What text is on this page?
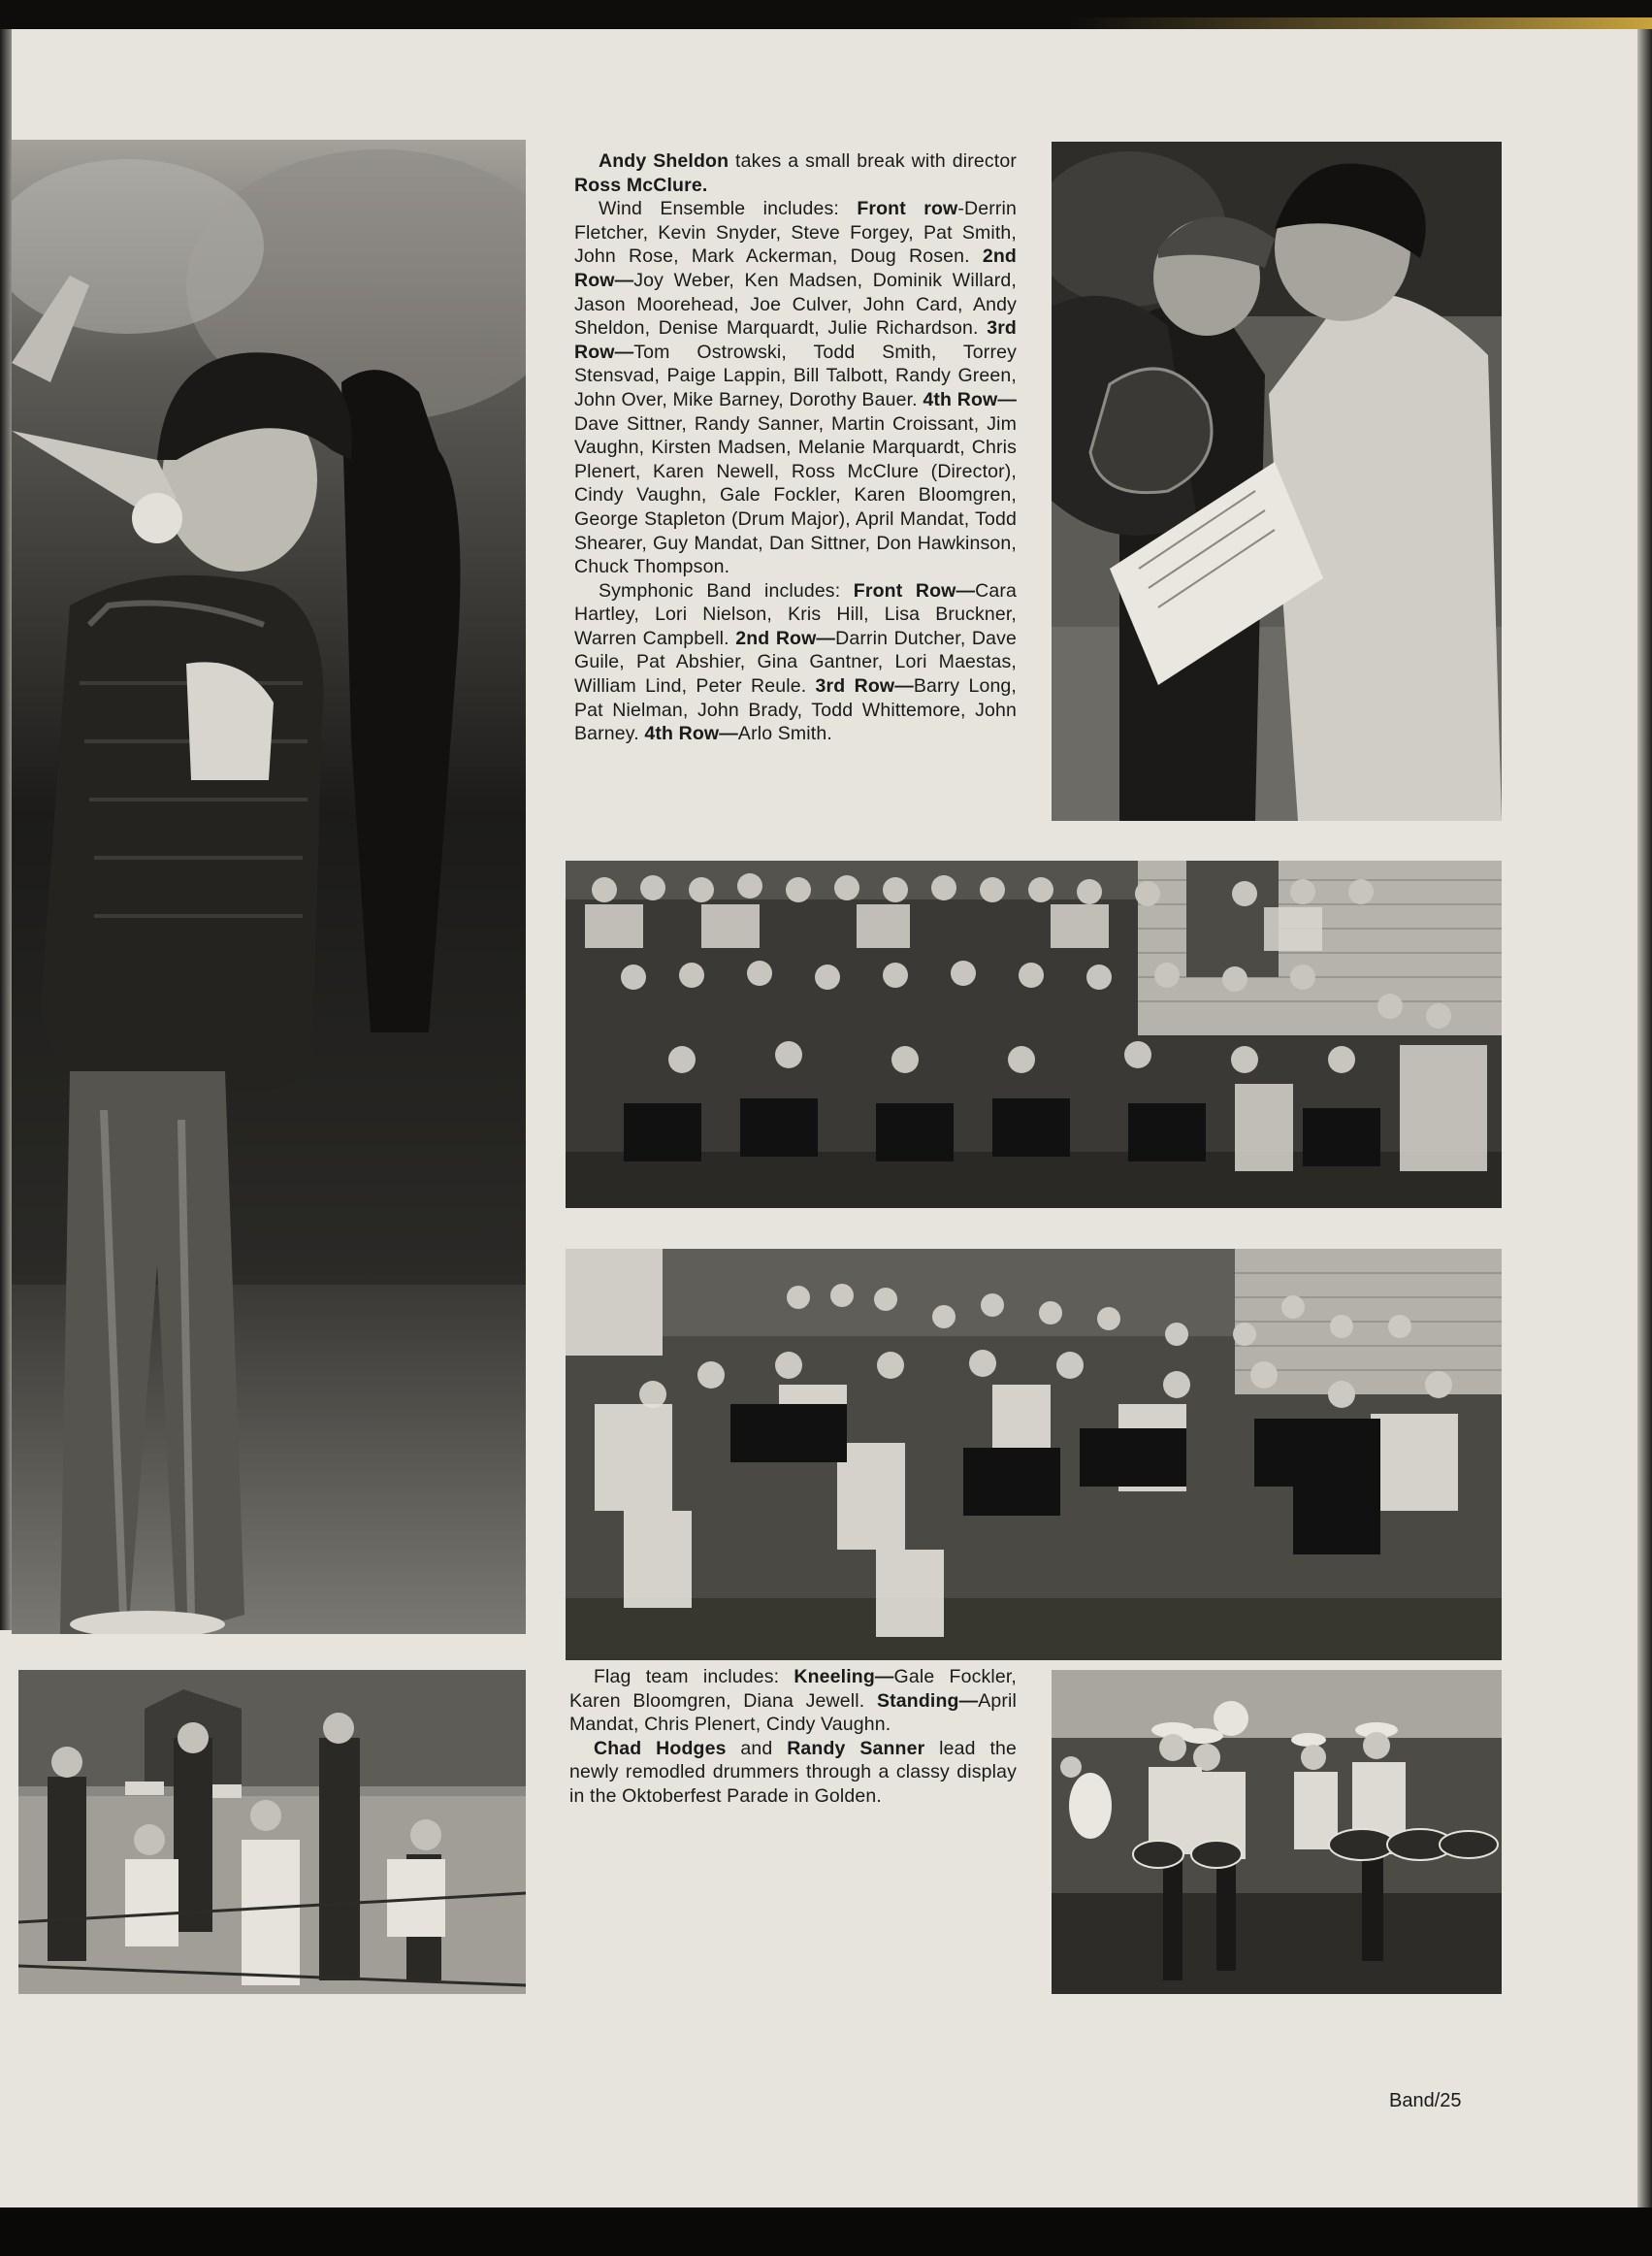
Andy Sheldon takes a small break with director Ross McClure.

Wind Ensemble includes: Front row-Derrin Fletcher, Kevin Snyder, Steve Forgey, Pat Smith, John Rose, Mark Ackerman, Doug Rosen. 2nd Row—Joy Weber, Ken Madsen, Dominik Willard, Jason Moorehead, Joe Culver, John Card, Andy Sheldon, Denise Marquardt, Julie Richardson. 3rd Row—Tom Ostrowski, Todd Smith, Torrey Stensvad, Paige Lappin, Bill Talbott, Randy Green, John Over, Mike Barney, Dorothy Bauer. 4th Row—Dave Sittner, Randy Sanner, Martin Croissant, Jim Vaughn, Kirsten Madsen, Melanie Marquardt, Chris Plenert, Karen Newell, Ross McClure (Director), Cindy Vaughn, Gale Fockler, Karen Bloomgren, George Stapleton (Drum Major), April Mandat, Todd Shearer, Guy Mandat, Dan Sittner, Don Hawkinson, Chuck Thompson.

Symphonic Band includes: Front Row—Cara Hartley, Lori Nielson, Kris Hill, Lisa Bruckner, Warren Campbell. 2nd Row—Darrin Dutcher, Dave Guile, Pat Abshier, Gina Gantner, Lori Maestas, William Lind, Peter Reule. 3rd Row—Barry Long, Pat Nielman, John Brady, Todd Whittemore, John Barney. 4th Row—Arlo Smith.

Flag team includes: Kneeling—Gale Fockler, Karen Bloomgren, Diana Jewell. Standing—April Mandat, Chris Plenert, Cindy Vaughn.

Chad Hodges and Randy Sanner lead the newly remodled drummers through a classy display in the Oktoberfest Parade in Golden.

Band/25
